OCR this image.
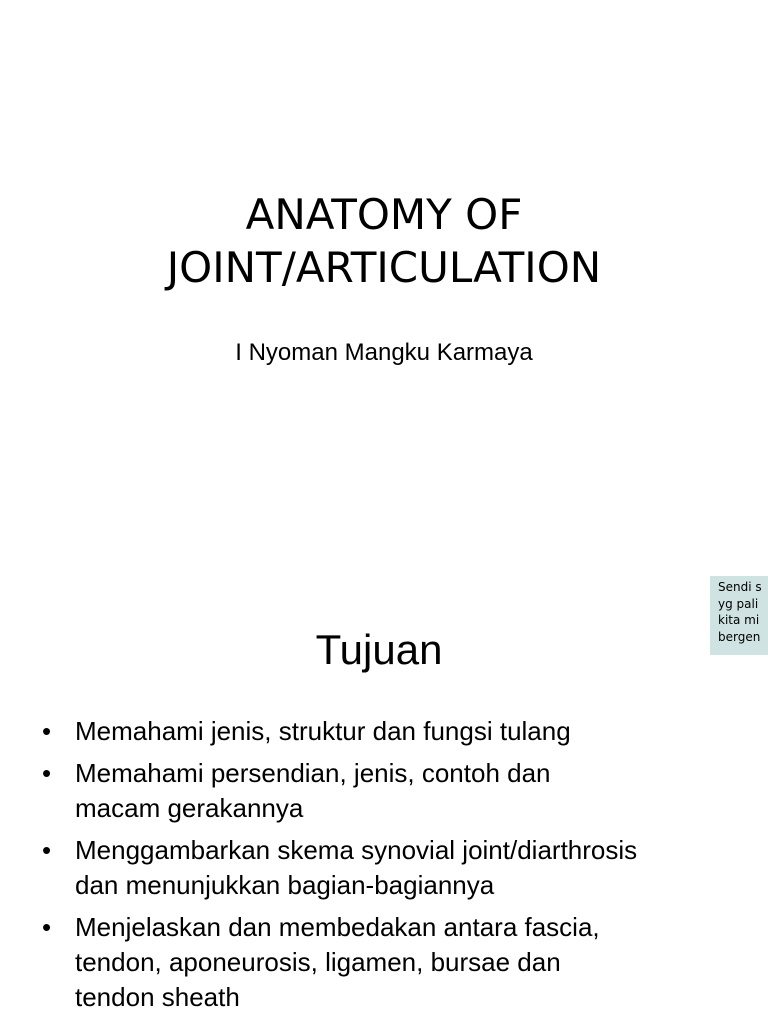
ANATOMY OF
JOINT/ARTICULATION

I Nyoman Mangku Karmaya

Sendi s
yg pali
kita mi
bergen
Tujuan
• Memahami jenis, struktur dan fungsi tulang
• Memahami persendian, jenis, contoh dan
macam gerakannya
• Menggambarkan skema synovial joint/diarthrosis
dan menunjukkan bagian-bagiannya
• Menjelaskan dan membedakan antara fascia,
tendon, aponeurosis, ligamen, bursae dan
tendon sheath
